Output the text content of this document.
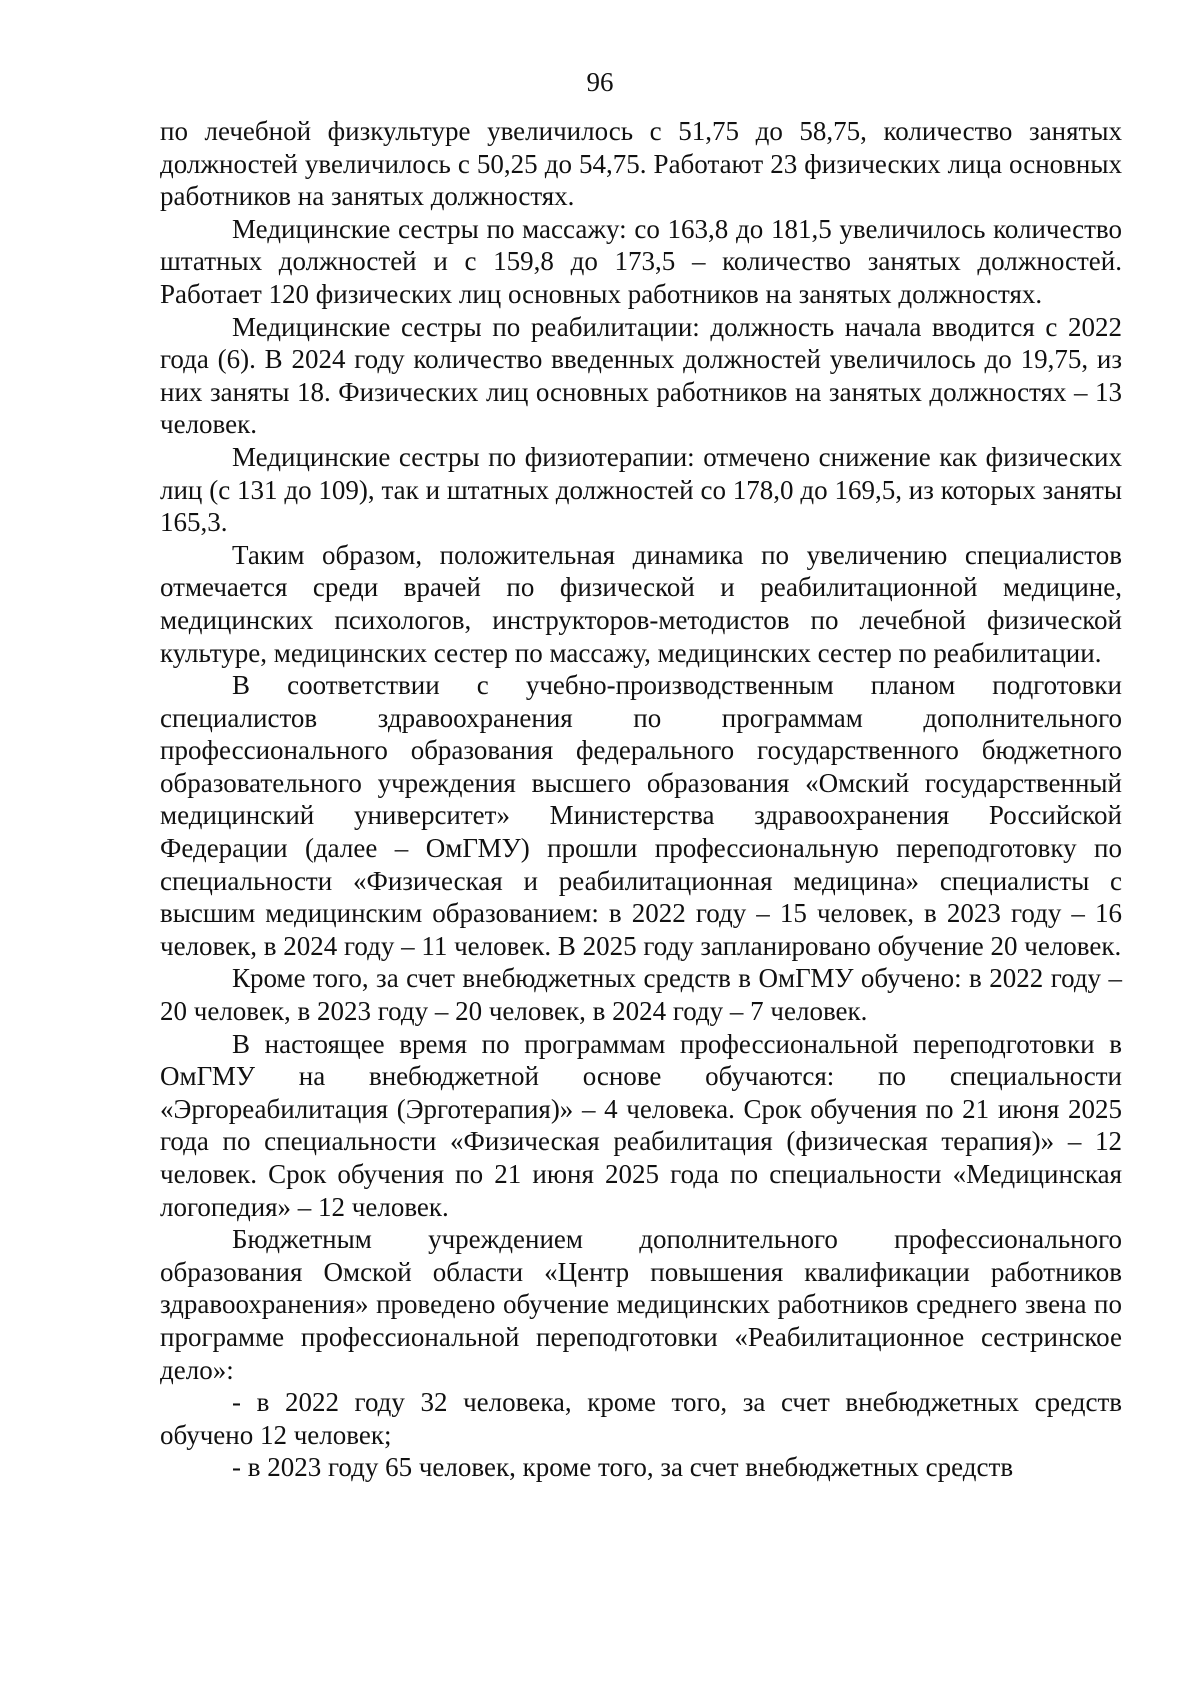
96

по лечебной физкультуре увеличилось с 51,75 до 58,75, количество занятых должностей увеличилось с 50,25 до 54,75. Работают 23 физических лица основных работников на занятых должностях.

Медицинские сестры по массажу: со 163,8 до 181,5 увеличилось количество штатных должностей и с 159,8 до 173,5 – количество занятых должностей. Работает 120 физических лиц основных работников на занятых должностях.

Медицинские сестры по реабилитации: должность начала вводится с 2022 года (6). В 2024 году количество введенных должностей увеличилось до 19,75, из них заняты 18. Физических лиц основных работников на занятых должностях – 13 человек.

Медицинские сестры по физиотерапии: отмечено снижение как физических лиц (с 131 до 109), так и штатных должностей со 178,0 до 169,5, из которых заняты 165,3.

Таким образом, положительная динамика по увеличению специалистов отмечается среди врачей по физической и реабилитационной медицине, медицинских психологов, инструкторов-методистов по лечебной физической культуре, медицинских сестер по массажу, медицинских сестер по реабилитации.

В соответствии с учебно-производственным планом подготовки специалистов здравоохранения по программам дополнительного профессионального образования федерального государственного бюджетного образовательного учреждения высшего образования «Омский государственный медицинский университет» Министерства здравоохранения Российской Федерации (далее – ОмГМУ) прошли профессиональную переподготовку по специальности «Физическая и реабилитационная медицина» специалисты с высшим медицинским образованием: в 2022 году – 15 человек, в 2023 году – 16 человек, в 2024 году – 11 человек. В 2025 году запланировано обучение 20 человек.

Кроме того, за счет внебюджетных средств в ОмГМУ обучено: в 2022 году – 20 человек, в 2023 году – 20 человек, в 2024 году – 7 человек.

В настоящее время по программам профессиональной переподготовки в ОмГМУ на внебюджетной основе обучаются: по специальности «Эргореабилитация (Эрготерапия)» – 4 человека. Срок обучения по 21 июня 2025 года по специальности «Физическая реабилитация (физическая терапия)» – 12 человек. Срок обучения по 21 июня 2025 года по специальности «Медицинская логопедия» – 12 человек.

Бюджетным учреждением дополнительного профессионального образования Омской области «Центр повышения квалификации работников здравоохранения» проведено обучение медицинских работников среднего звена по программе профессиональной переподготовки «Реабилитационное сестринское дело»:

- в 2022 году 32 человека, кроме того, за счет внебюджетных средств обучено 12 человек;

- в 2023 году 65 человек, кроме того, за счет внебюджетных средств
